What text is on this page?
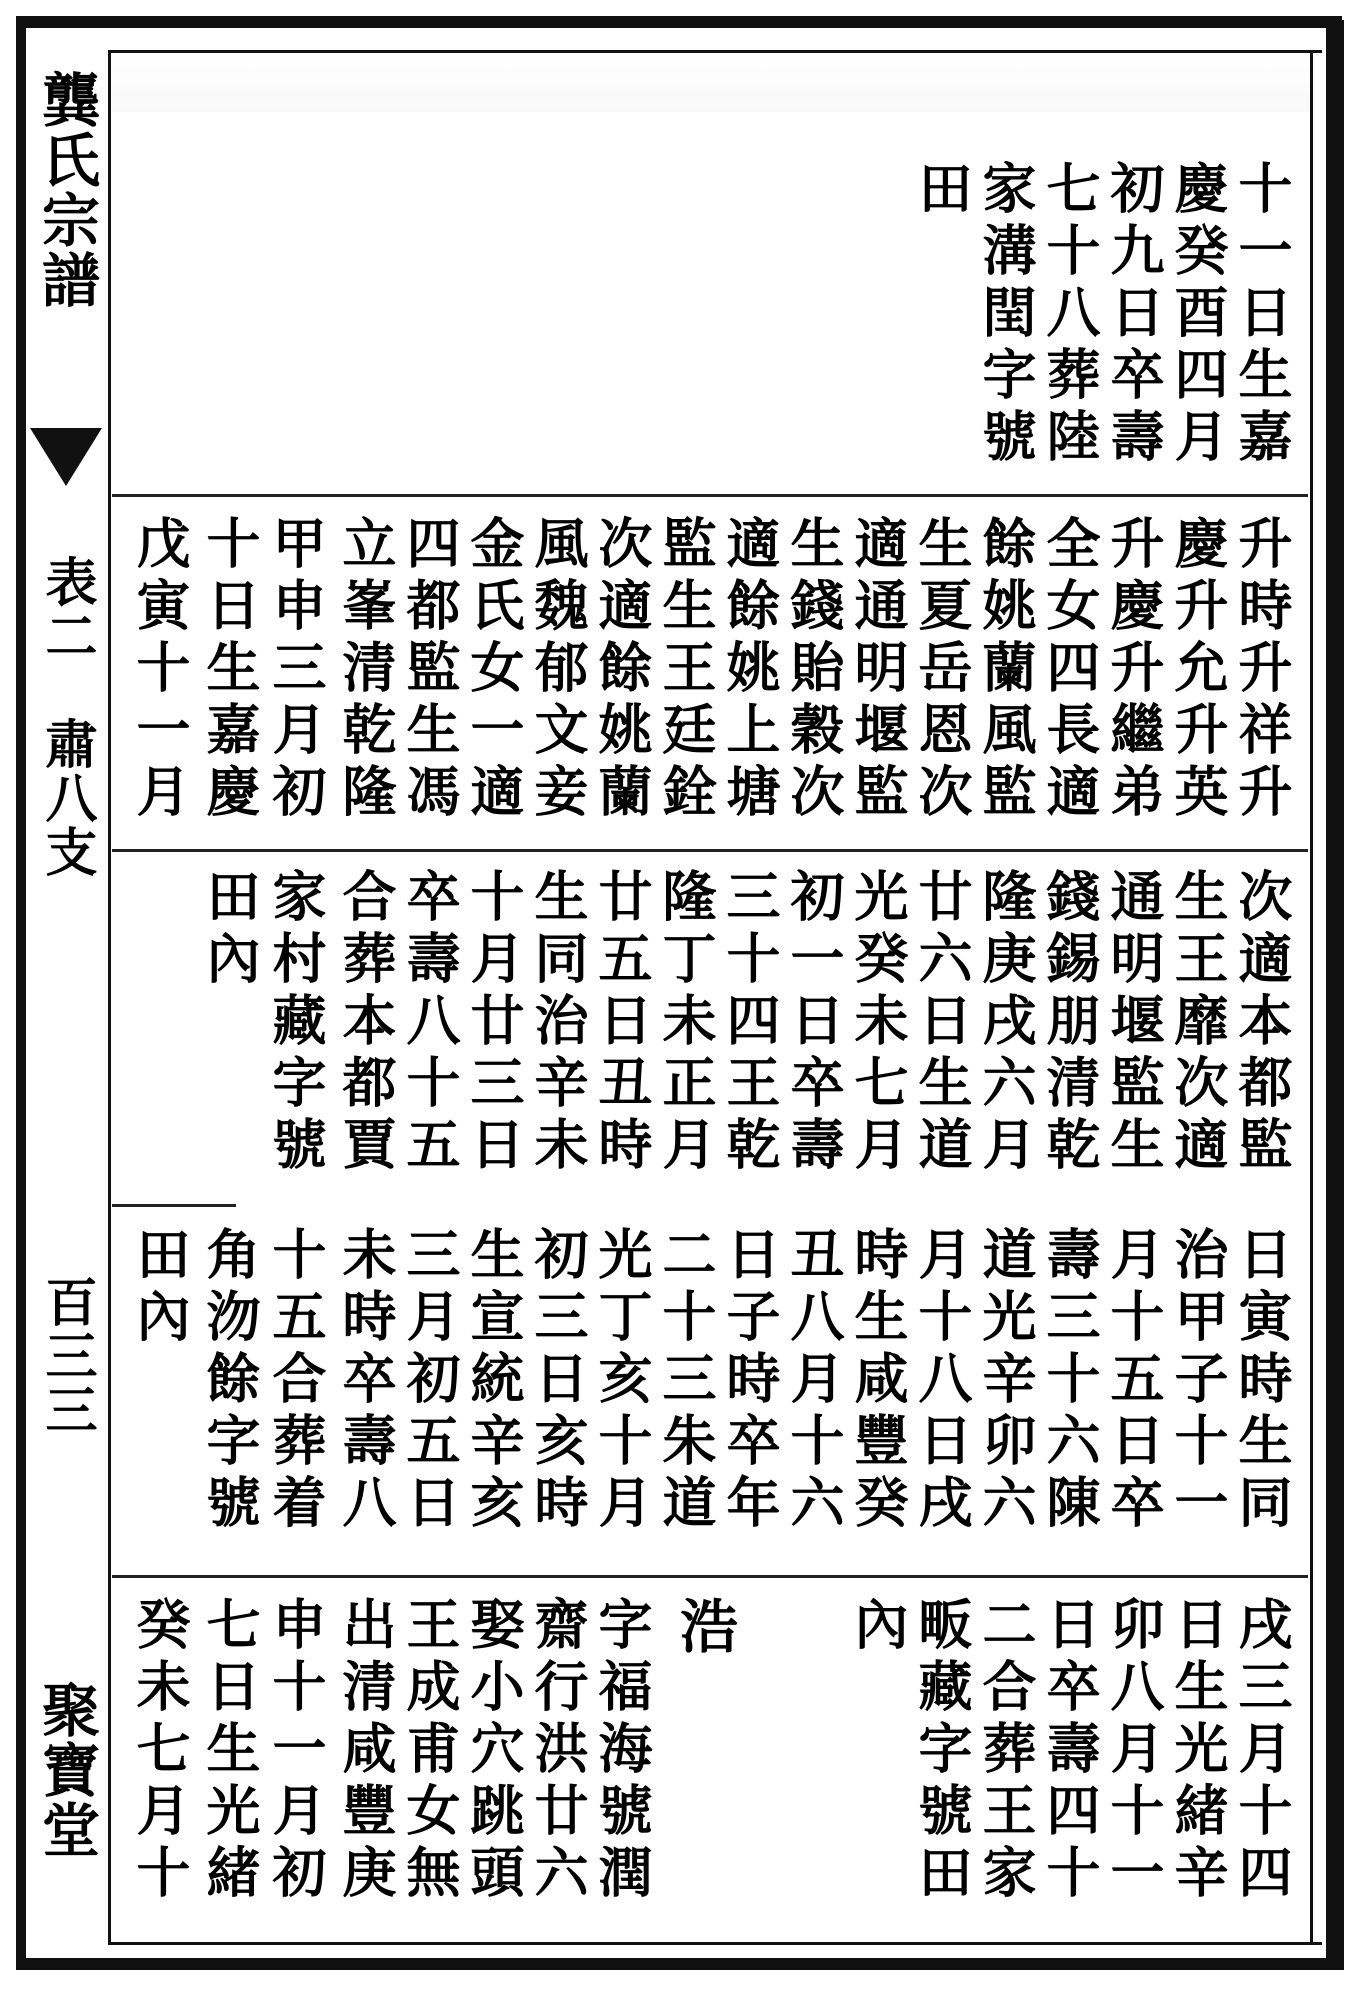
龔氏宗譜
表二　肅八支
百三三
聚寶堂
十一日生嘉
慶癸酉四月
初九日卒壽
七十八葬陸
家溝閏字號
田
升時升祥升
慶升允升英
升慶升繼弟
全女四長適
餘姚蘭風監
生夏岳恩次
適通明堰監
生錢貽穀次
適餘姚上塘
監生王廷銓
次適餘姚蘭
風魏郁文妾
金氏女一適
四都監生馮
立峯清乾隆
甲申三月初
十日生嘉慶
戊寅十一月
次適本都監
生王靡次適
通明堰監生
錢錫朋清乾
隆庚戌六月
廿六日生道
光癸未七月
初一日卒壽
三十四王乾
隆丁未正月
廿五日丑時
生同治辛未
十月廿三日
卒壽八十五
合葬本都賈
家村藏字號
田內
日寅時生同
治甲子十一
月十五日卒
壽三十六陳
道光辛卯六
月十八日戌
時生咸豐癸
丑八月十六
日子時卒年
二十三朱道
光丁亥十月
初三日亥時
生宣統辛亥
三月初五日
未時卒壽八
十五合葬着
角沕餘字號
田內
戌三月十四
日生光緒辛
卯八月十一
日卒壽四十
二合葬王家
畈藏字號田
內
浩
字福海號潤
齋行洪廿六
娶小穴跳頭
王成甫女無
出清咸豐庚
申十一月初
七日生光緒
癸未七月十
